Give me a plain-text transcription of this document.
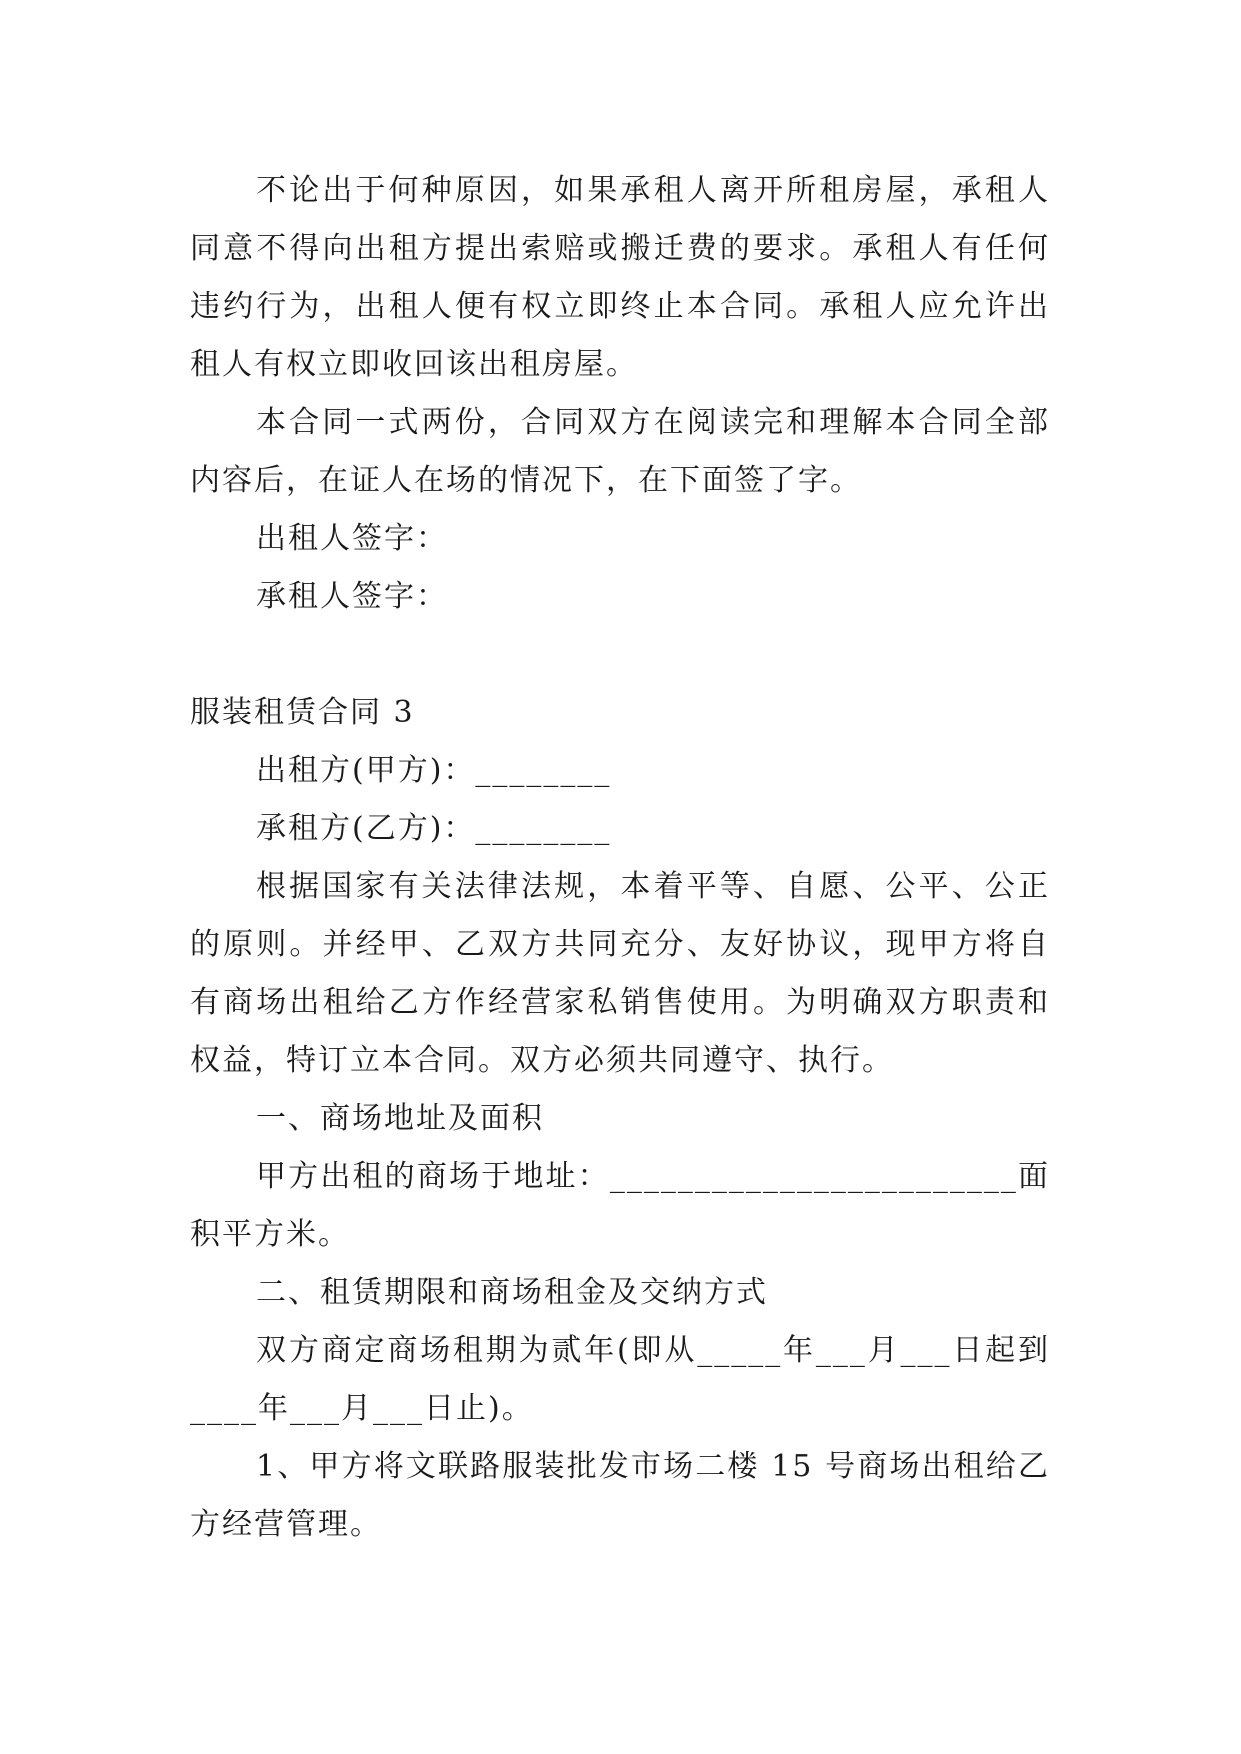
不论出于何种原因，如果承租人离开所租房屋，承租人同意不得向出租方提出索赔或搬迁费的要求。承租人有任何违约行为，出租人便有权立即终止本合同。承租人应允许出租人有权立即收回该出租房屋。

本合同一式两份，合同双方在阅读完和理解本合同全部内容后，在证人在场的情况下，在下面签了字。

出租人签字：

承租人签字：

服装租赁合同 3

出租方(甲方)：________

承租方(乙方)：________

根据国家有关法律法规，本着平等、自愿、公平、公正的原则。并经甲、乙双方共同充分、友好协议，现甲方将自有商场出租给乙方作经营家私销售使用。为明确双方职责和权益，特订立本合同。双方必须共同遵守、执行。

一、商场地址及面积

甲方出租的商场于地址：________________________面积平方米。

二、租赁期限和商场租金及交纳方式

双方商定商场租期为贰年(即从_____年___月___日起到____年___月___日止)。

1、甲方将文联路服装批发市场二楼 15 号商场出租给乙方经营管理。
